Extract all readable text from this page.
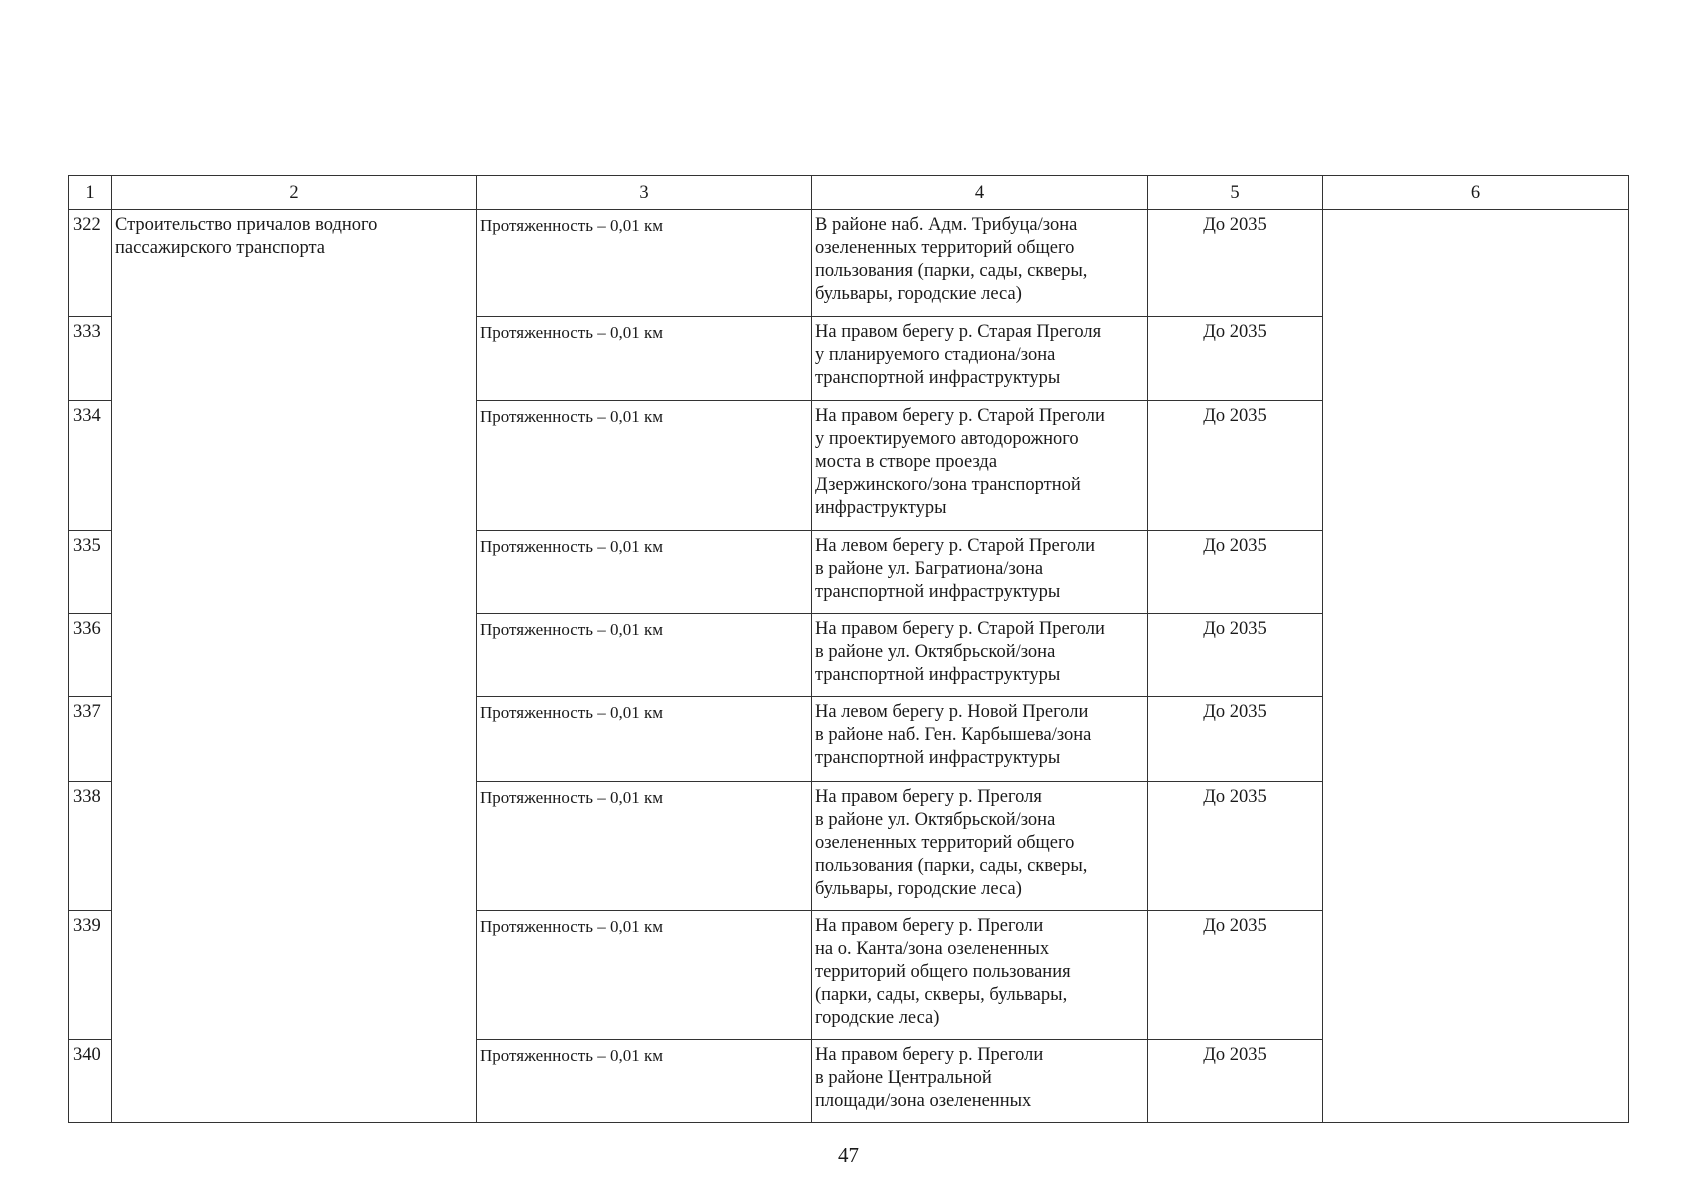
1	2	3	4	5	6
322	Строительство причалов водного
пассажирского транспорта	Протяженность – 0,01 км	В районе наб. Адм. Трибуца/зона
озелененных территорий общего
пользования (парки, сады, скверы,
бульвары, городские леса)	До 2035	
333		Протяженность – 0,01 км	На правом берегу р. Старая Преголя
у планируемого стадиона/зона
транспортной инфраструктуры	До 2035	
334		Протяженность – 0,01 км	На правом берегу р. Старой Преголи
у проектируемого автодорожного
моста в створе проезда
Дзержинского/зона транспортной
инфраструктуры	До 2035	
335		Протяженность – 0,01 км	На левом берегу р. Старой Преголи
в районе ул. Багратиона/зона
транспортной инфраструктуры	До 2035	
336		Протяженность – 0,01 км	На правом берегу р. Старой Преголи
в районе ул. Октябрьской/зона
транспортной инфраструктуры	До 2035	
337		Протяженность – 0,01 км	На левом берегу р. Новой Преголи
в районе наб. Ген. Карбышева/зона
транспортной инфраструктуры	До 2035	
338		Протяженность – 0,01 км	На правом берегу р. Преголя
в районе ул. Октябрьской/зона
озелененных территорий общего
пользования (парки, сады, скверы,
бульвары, городские леса)	До 2035	
339		Протяженность – 0,01 км	На правом берегу р. Преголи
на о. Канта/зона озелененных
территорий общего пользования
(парки, сады, скверы, бульвары,
городские леса)	До 2035	
340		Протяженность – 0,01 км	На правом берегу р. Преголи
в районе Центральной
площади/зона озелененных	До 2035	
47
